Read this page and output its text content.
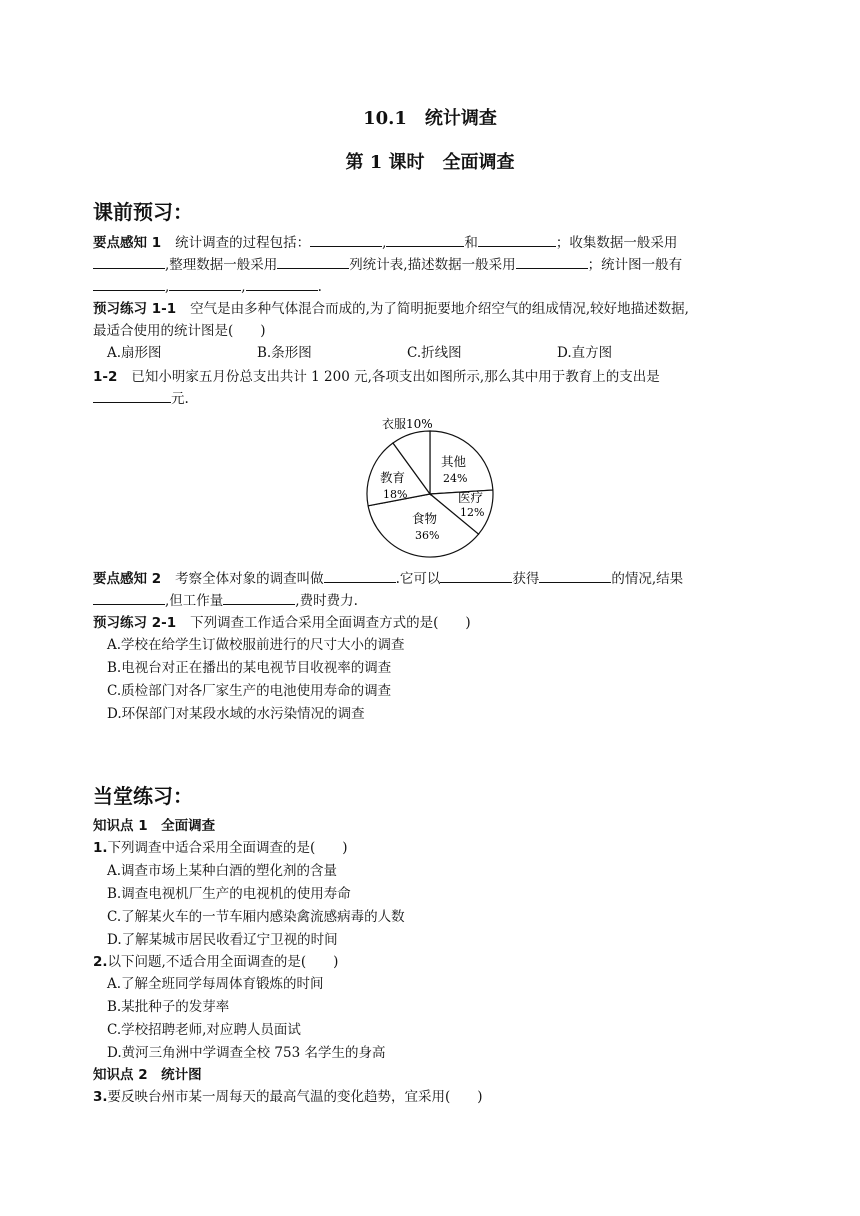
10.1　统计调查
第 1 课时　全面调查
课前预习：
要点感知 1 统计调查的过程包括：	,	和	；收集数据一般采用
,整理数据一般采用	列统计表,描述数据一般采用	；统计图一般有
,	,	.
预习练习 1-1 空气是由多种气体混合而成的,为了简明扼要地介绍空气的组成情况,较好地描述数据,
最适合使用的统计图是(　　)
A.扇形图	B.条形图	C.折线图	D.直方图
1-2 已知小明家五月份总支出共计 1 200 元,各项支出如图所示,那么其中用于教育上的支出是
元.
衣服10%
其他
24%
医疗
12%
食物
36%
教育
18%
要点感知 2 考察全体对象的调查叫做	.它可以	获得	的情况,结果
,但工作量	,费时费力.
预习练习 2-1 下列调查工作适合采用全面调查方式的是(　　)
A.学校在给学生订做校服前进行的尺寸大小的调查
B.电视台对正在播出的某电视节目收视率的调查
C.质检部门对各厂家生产的电池使用寿命的调查
D.环保部门对某段水域的水污染情况的调查
当堂练习：
知识点 1　全面调查
1.下列调查中适合采用全面调查的是(　　)
A.调查市场上某种白酒的塑化剂的含量
B.调查电视机厂生产的电视机的使用寿命
C.了解某火车的一节车厢内感染禽流感病毒的人数
D.了解某城市居民收看辽宁卫视的时间
2.以下问题,不适合用全面调查的是(　　)
A.了解全班同学每周体育锻炼的时间
B.某批种子的发芽率
C.学校招聘老师,对应聘人员面试
D.黄河三角洲中学调查全校 753 名学生的身高
知识点 2　统计图
3.要反映台州市某一周每天的最高气温的变化趋势，宜采用(　　)
